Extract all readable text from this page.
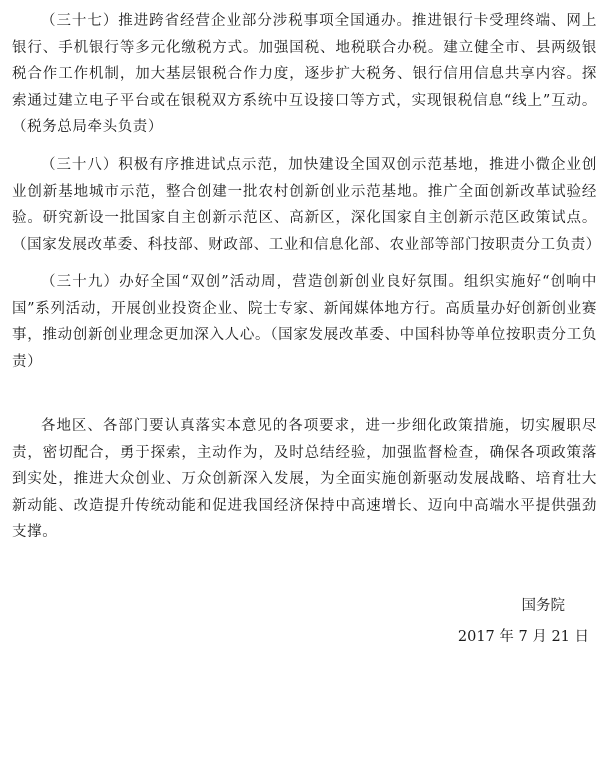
（三十七）推进跨省经营企业部分涉税事项全国通办。推进银行卡受理终端、网上银行、手机银行等多元化缴税方式。加强国税、地税联合办税。建立健全市、县两级银税合作工作机制，加大基层银税合作力度，逐步扩大税务、银行信用信息共享内容。探索通过建立电子平台或在银税双方系统中互设接口等方式，实现银税信息“线上”互动。（税务总局牵头负责）

（三十八）积极有序推进试点示范，加快建设全国双创示范基地，推进小微企业创业创新基地城市示范，整合创建一批农村创新创业示范基地。推广全面创新改革试验经验。研究新设一批国家自主创新示范区、高新区，深化国家自主创新示范区政策试点。（国家发展改革委、科技部、财政部、工业和信息化部、农业部等部门按职责分工负责）

（三十九）办好全国“双创”活动周，营造创新创业良好氛围。组织实施好“创响中国”系列活动，开展创业投资企业、院士专家、新闻媒体地方行。高质量办好创新创业赛事，推动创新创业理念更加深入人心。（国家发展改革委、中国科协等单位按职责分工负责）

各地区、各部门要认真落实本意见的各项要求，进一步细化政策措施，切实履职尽责，密切配合，勇于探索，主动作为，及时总结经验，加强监督检查，确保各项政策落到实处，推进大众创业、万众创新深入发展，为全面实施创新驱动发展战略、培育壮大新动能、改造提升传统动能和促进我国经济保持中高速增长、迈向中高端水平提供强劲支撑。

国务院
2017 年 7 月 21 日
